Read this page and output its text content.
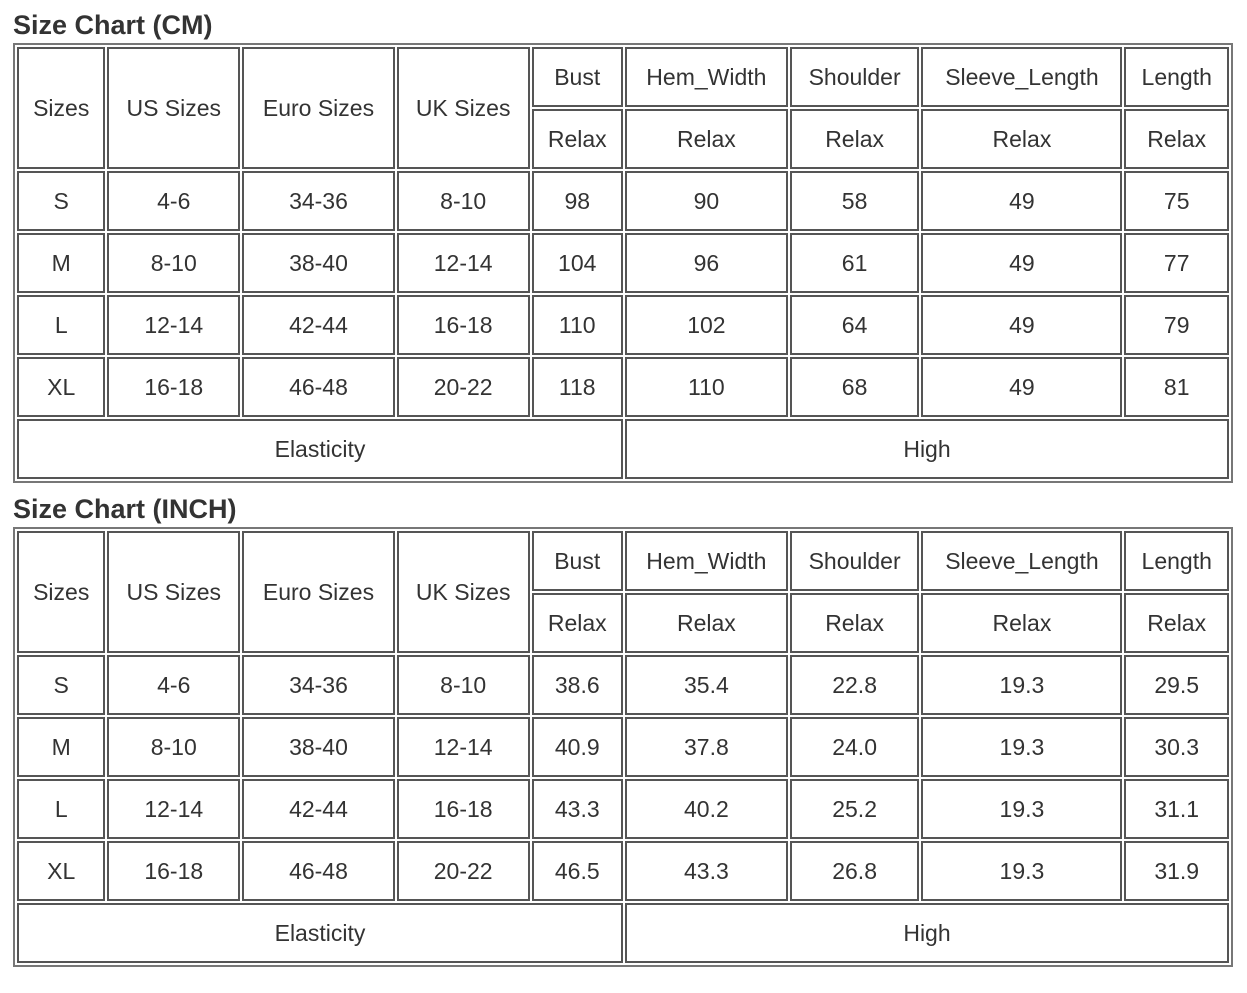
Size Chart (CM)
Sizes	US Sizes	Euro Sizes	UK Sizes	Bust	Hem_Width	Shoulder	Sleeve_Length	Length
				Relax	Relax	Relax	Relax	Relax
S	4-6	34-36	8-10	98	90	58	49	75
M	8-10	38-40	12-14	104	96	61	49	77
L	12-14	42-44	16-18	110	102	64	49	79
XL	16-18	46-48	20-22	118	110	68	49	81
Elasticity					High			
Size Chart (INCH)
Sizes	US Sizes	Euro Sizes	UK Sizes	Bust	Hem_Width	Shoulder	Sleeve_Length	Length
				Relax	Relax	Relax	Relax	Relax
S	4-6	34-36	8-10	38.6	35.4	22.8	19.3	29.5
M	8-10	38-40	12-14	40.9	37.8	24.0	19.3	30.3
L	12-14	42-44	16-18	43.3	40.2	25.2	19.3	31.1
XL	16-18	46-48	20-22	46.5	43.3	26.8	19.3	31.9
Elasticity					High			
